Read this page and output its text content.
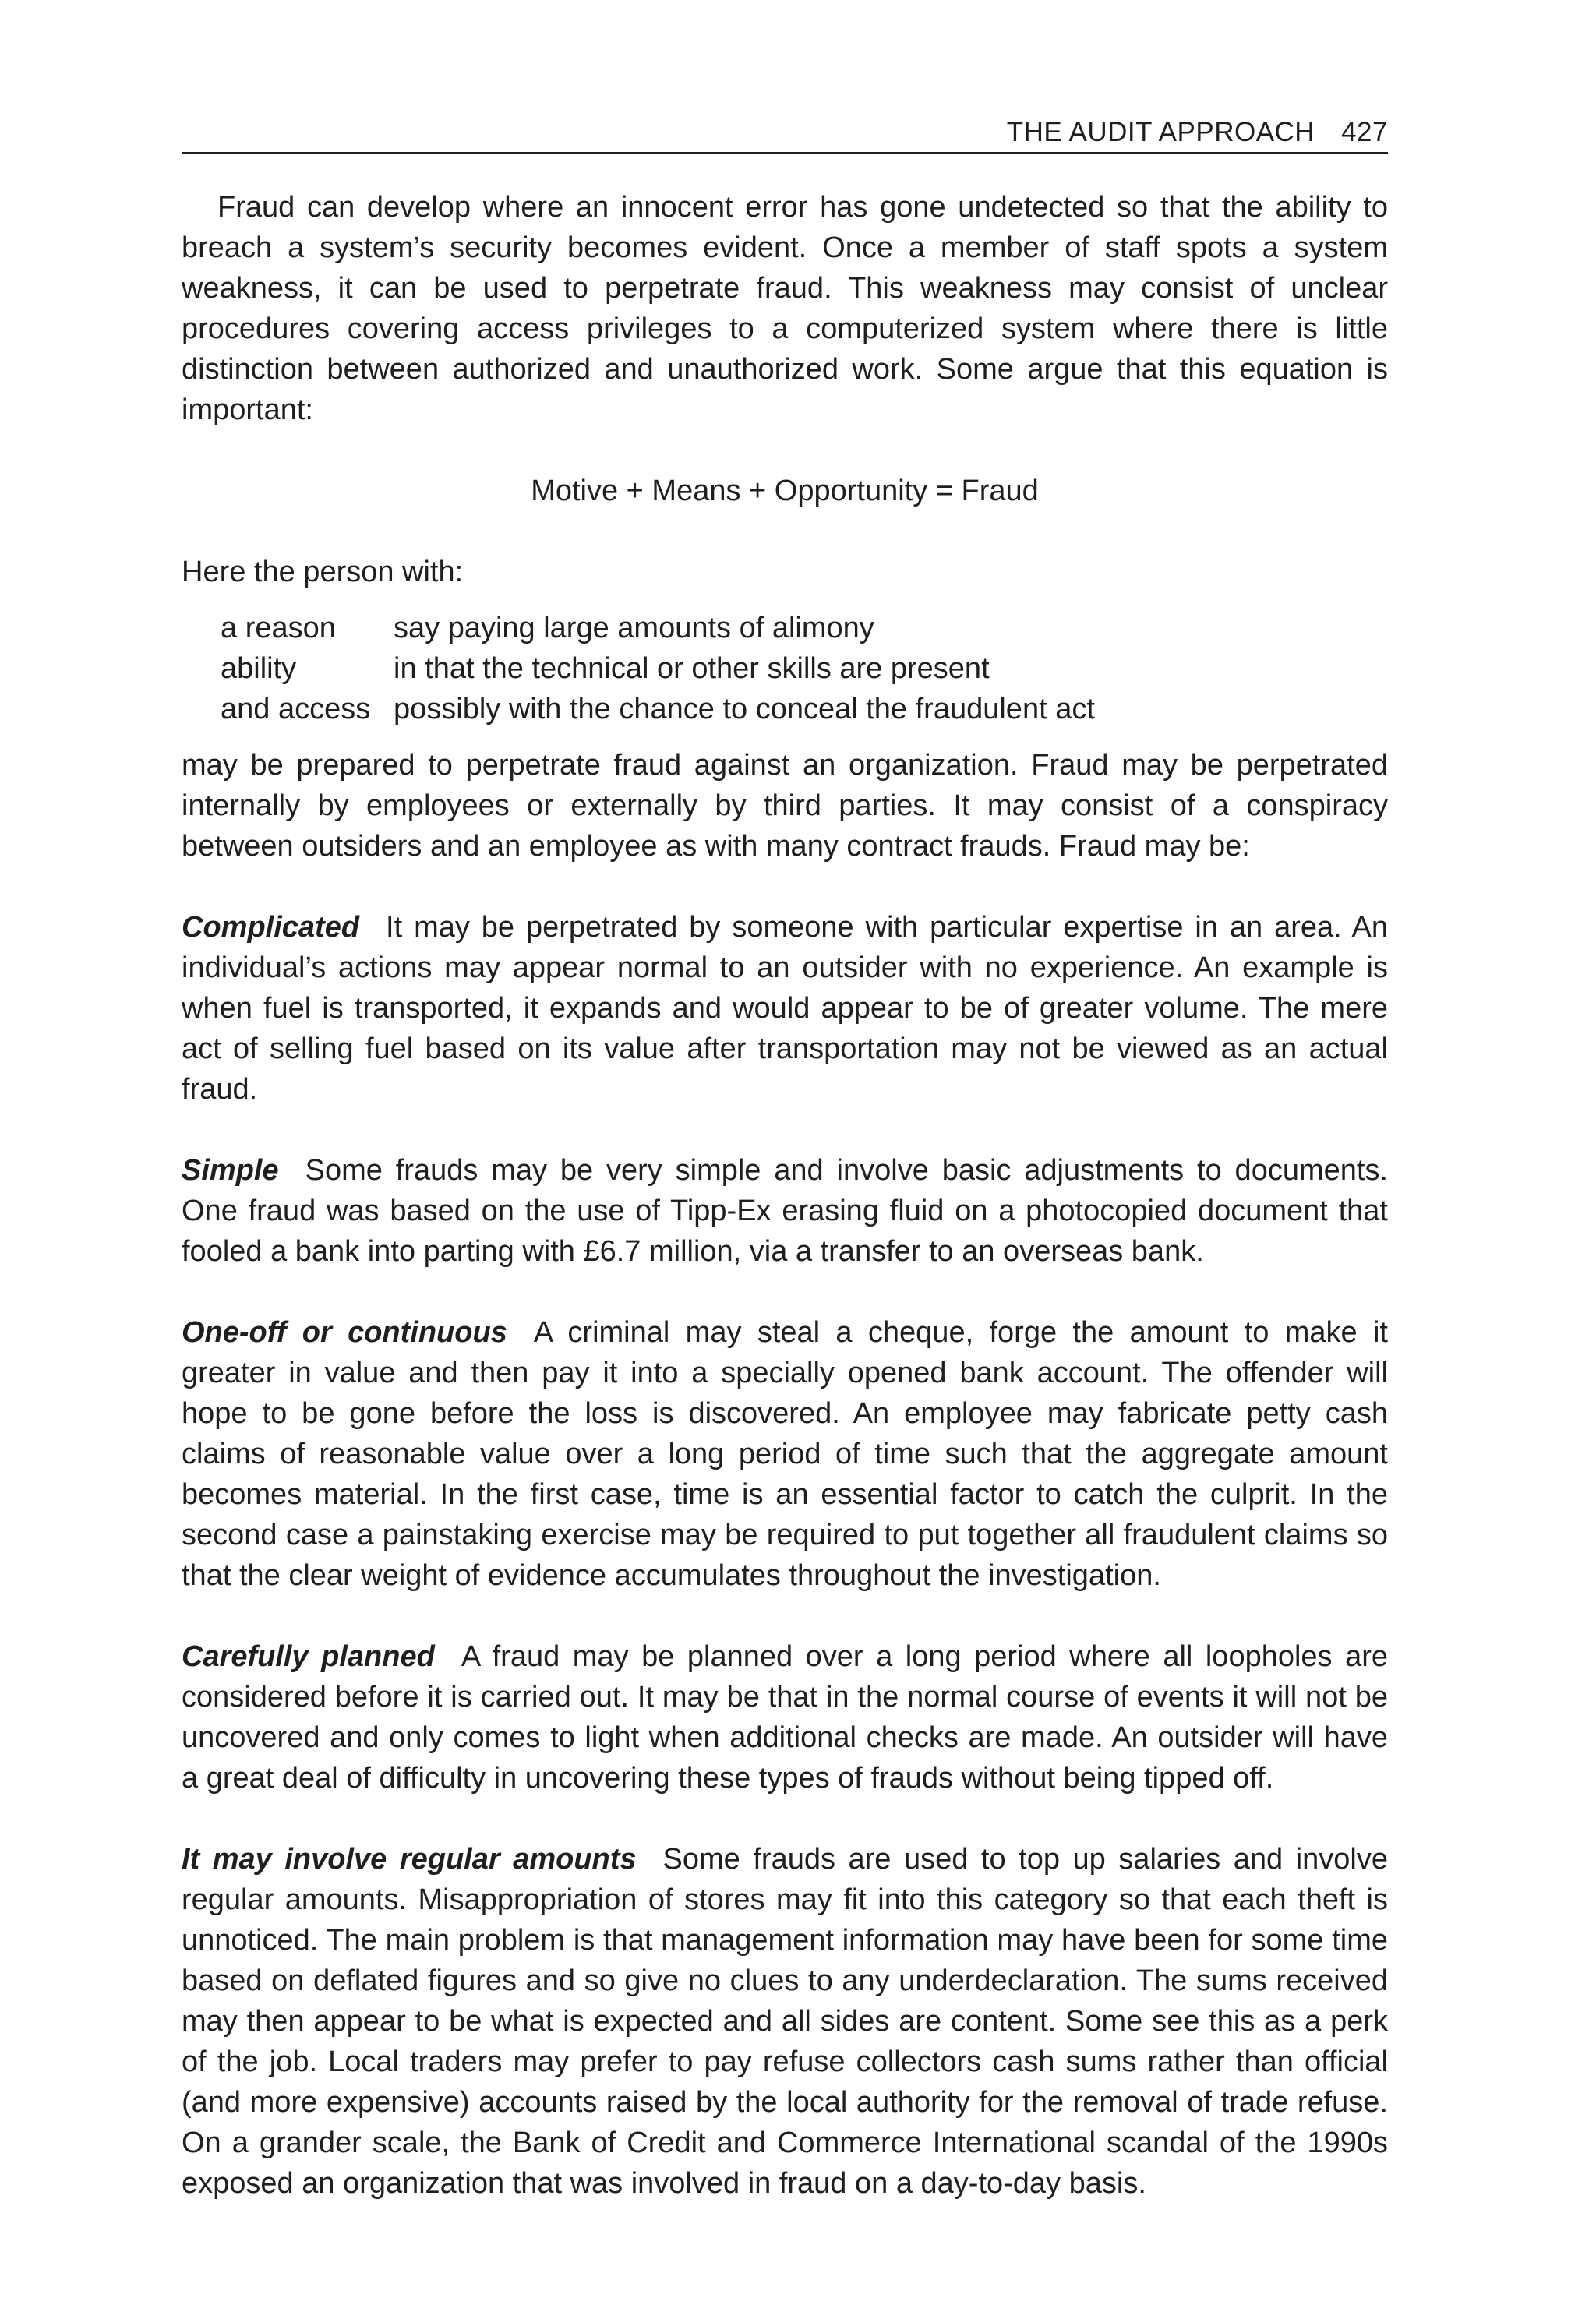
THE AUDIT APPROACH 427

Fraud can develop where an innocent error has gone undetected so that the ability to breach a system’s security becomes evident. Once a member of staff spots a system weakness, it can be used to perpetrate fraud. This weakness may consist of unclear procedures covering access privileges to a computerized system where there is little distinction between authorized and unauthorized work. Some argue that this equation is important:

Motive + Means + Opportunity = Fraud

Here the person with:

a reason	say paying large amounts of alimony
ability	in that the technical or other skills are present
and access possibly with the chance to conceal the fraudulent act

may be prepared to perpetrate fraud against an organization. Fraud may be perpetrated internally by employees or externally by third parties. It may consist of a conspiracy between outsiders and an employee as with many contract frauds. Fraud may be:

Complicated It may be perpetrated by someone with particular expertise in an area. An individual’s actions may appear normal to an outsider with no experience. An example is when fuel is transported, it expands and would appear to be of greater volume. The mere act of selling fuel based on its value after transportation may not be viewed as an actual fraud.

Simple Some frauds may be very simple and involve basic adjustments to documents. One fraud was based on the use of Tipp-Ex erasing fluid on a photocopied document that fooled a bank into parting with £6.7 million, via a transfer to an overseas bank.

One-off or continuous A criminal may steal a cheque, forge the amount to make it greater in value and then pay it into a specially opened bank account. The offender will hope to be gone before the loss is discovered. An employee may fabricate petty cash claims of reasonable value over a long period of time such that the aggregate amount becomes material. In the first case, time is an essential factor to catch the culprit. In the second case a painstaking exercise may be required to put together all fraudulent claims so that the clear weight of evidence accumulates throughout the investigation.

Carefully planned A fraud may be planned over a long period where all loopholes are considered before it is carried out. It may be that in the normal course of events it will not be uncovered and only comes to light when additional checks are made. An outsider will have a great deal of difficulty in uncovering these types of frauds without being tipped off.

It may involve regular amounts Some frauds are used to top up salaries and involve regular amounts. Misappropriation of stores may fit into this category so that each theft is unnoticed. The main problem is that management information may have been for some time based on deflated figures and so give no clues to any underdeclaration. The sums received may then appear to be what is expected and all sides are content. Some see this as a perk of the job. Local traders may prefer to pay refuse collectors cash sums rather than official (and more expensive) accounts raised by the local authority for the removal of trade refuse. On a grander scale, the Bank of Credit and Commerce International scandal of the 1990s exposed an organization that was involved in fraud on a day-to-day basis.
